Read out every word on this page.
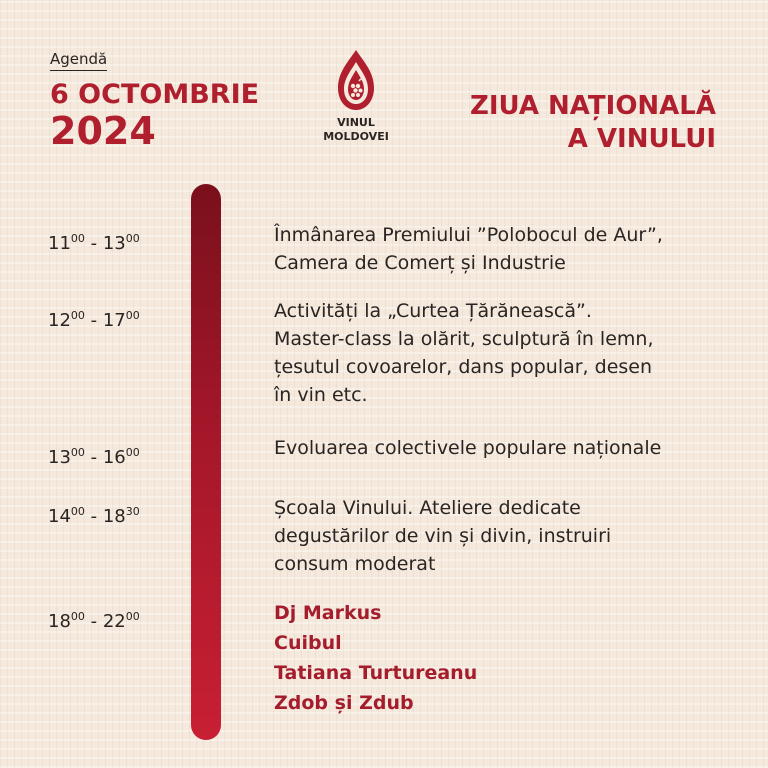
Agendă
6 OCTOMBRIE
2024	VINUL
MOLDOVEI
ZIUA NAȚIONALĂ
A VINULUI
$11^{00} - 13^{00}$	Înmânarea Premiului ”Polobocul de Aur”,
Camera de Comerț și Industrie
$12^{00} - 17^{00}$	Activități la „Curtea Țărănească”.
Master-class la olărit, sculptură în lemn,
țesutul covoarelor, dans popular, desen
în vin etc.
$13^{00} - 16^{00}$	Evoluarea colectivele populare naționale
$14^{00} - 18^{30}$	Școala Vinului. Ateliere dedicate
degustărilor de vin și divin, instruiri
consum moderat
$18^{00} - 22^{00}$	Dj Markus
Cuibul
Tatiana Turtureanu
Zdob și Zdub
